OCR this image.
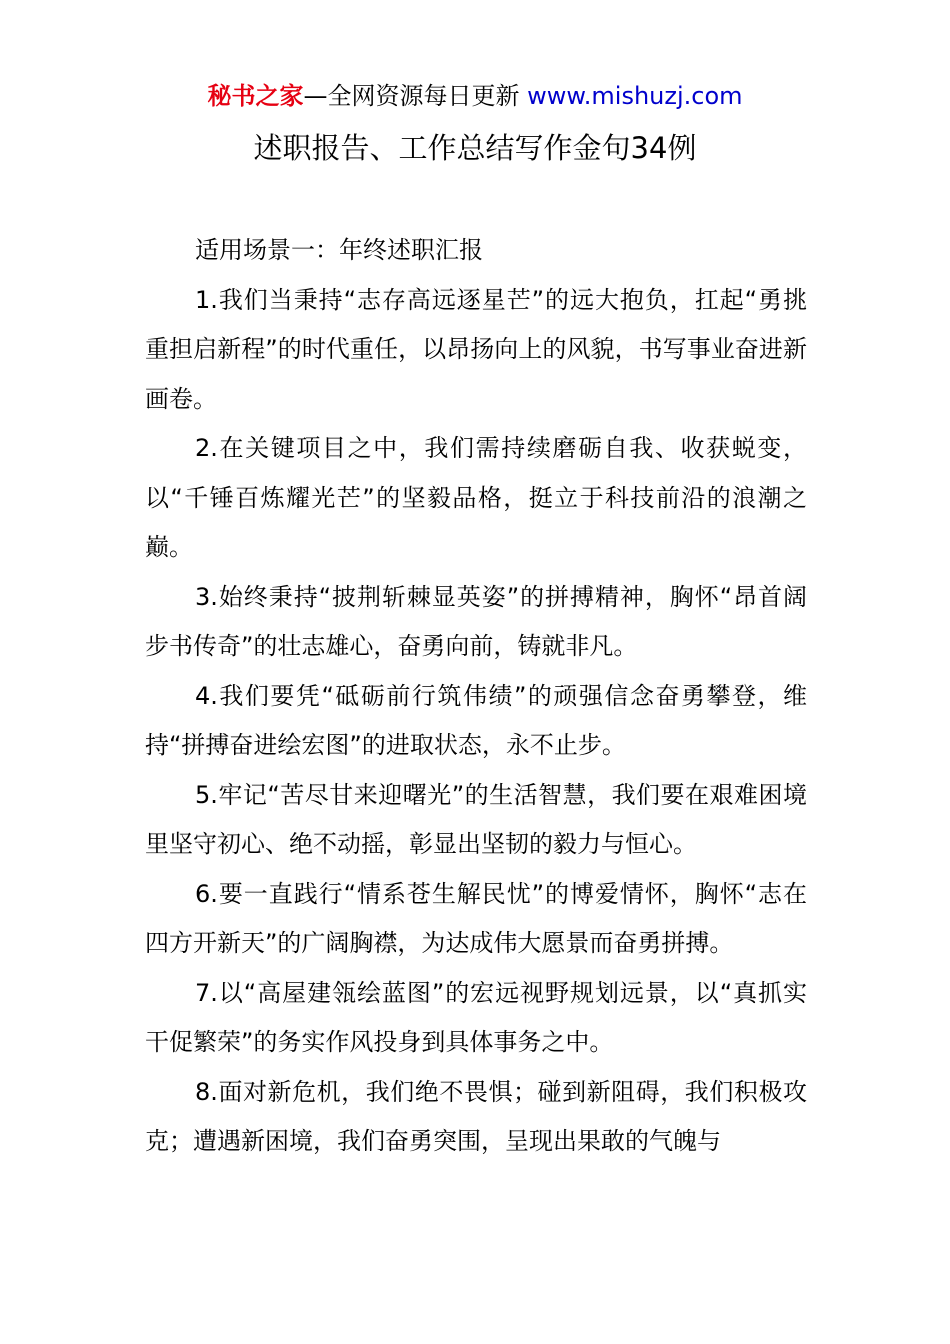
秘书之家—全网资源每日更新 www.mishuzj.com
述职报告、工作总结写作金句34例

适用场景一：年终述职汇报

1.我们当秉持“志存高远逐星芒”的远大抱负，扛起“勇挑重担启新程”的时代重任，以昂扬向上的风貌，书写事业奋进新画卷。

2.在关键项目之中，我们需持续磨砺自我、收获蜕变，以“千锤百炼耀光芒”的坚毅品格，挺立于科技前沿的浪潮之巅。

3.始终秉持“披荆斩棘显英姿”的拼搏精神，胸怀“昂首阔步书传奇”的壮志雄心，奋勇向前，铸就非凡。

4.我们要凭“砥砺前行筑伟绩”的顽强信念奋勇攀登，维持“拼搏奋进绘宏图”的进取状态，永不止步。

5.牢记“苦尽甘来迎曙光”的生活智慧，我们要在艰难困境里坚守初心、绝不动摇，彰显出坚韧的毅力与恒心。

6.要一直践行“情系苍生解民忧”的博爱情怀，胸怀“志在四方开新天”的广阔胸襟，为达成伟大愿景而奋勇拼搏。

7.以“高屋建瓴绘蓝图”的宏远视野规划远景，以“真抓实干促繁荣”的务实作风投身到具体事务之中。

8.面对新危机，我们绝不畏惧；碰到新阻碍，我们积极攻克；遭遇新困境，我们奋勇突围，呈现出果敢的气魄与
